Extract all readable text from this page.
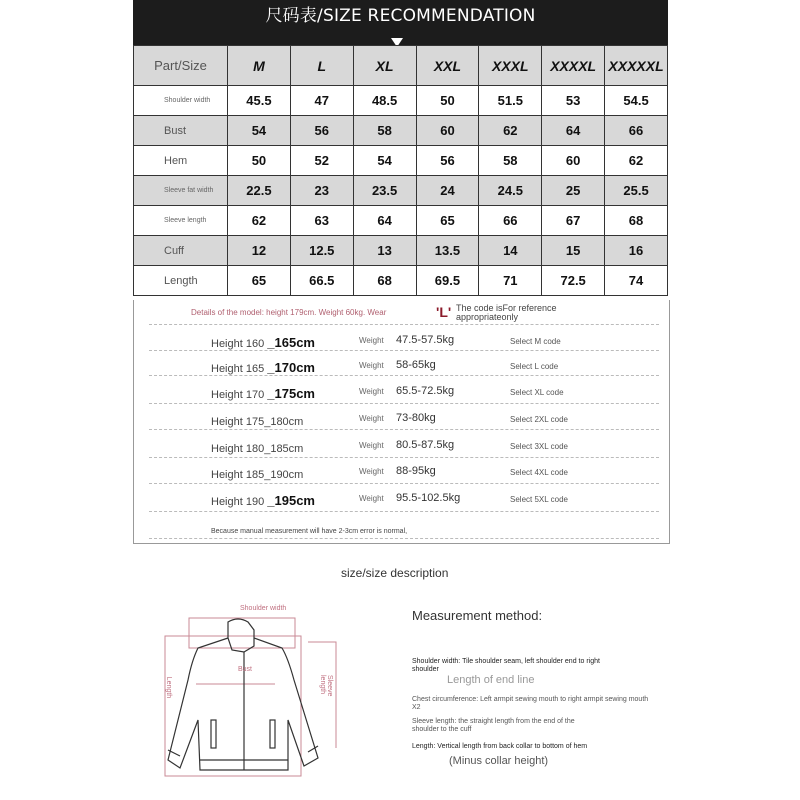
尺码表/SIZE RECOMMENDATION
Part/Size	M	L	XL	XXL	XXXL	XXXXL	XXXXXL
Shoulder width	45.5	47	48.5	50	51.5	53	54.5
Bust	54	56	58	60	62	64	66
Hem	50	52	54	56	58	60	62
Sleeve fat width	22.5	23	23.5	24	24.5	25	25.5
Sleeve length	62	63	64	65	66	67	68
Cuff	12	12.5	13	13.5	14	15	16
Length	65	66.5	68	69.5	71	72.5	74
Details of the model: height 179cm. Weight 60kg. Wear	'L' The code isFor reference appropriateonly
Height 160 _165cm	Weight 47.5-57.5kg	Select M code
Height 165 _170cm	Weight 58-65kg	Select L code
Height 170 _175cm	Weight 65.5-72.5kg	Select XL code
Height 175_180cm	Weight 73-80kg	Select 2XL code
Height 180_185cm	Weight 80.5-87.5kg	Select 3XL code
Height 185_190cm	Weight 88-95kg	Select 4XL code
Height 190 _195cm	Weight 95.5-102.5kg	Select 5XL code
Because manual measurement will have 2-3cm error is normal,
size/size description
Shoulder width
Bust
Length	Sleeve length

Measurement method:

Shoulder width: Tile shoulder seam, left shoulder end to right shoulder
Length of end line
Chest circumference: Left armpit sewing mouth to right armpit sewing mouth X2
Sleeve length: the straight length from the end of the shoulder to the cuff
Length: Vertical length from back collar to bottom of hem
(Minus collar height)
